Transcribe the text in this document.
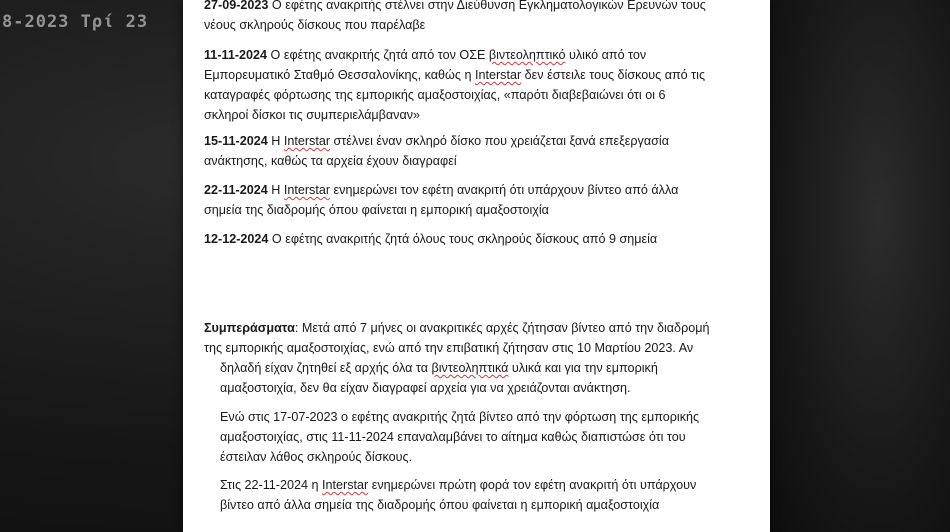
8-2023 Τρί 23
27-09-2023 Ο εφέτης ανακριτής στέλνει στην Διεύθυνση Εγκληματολογικών Ερευνών τους
νέους σκληρούς δίσκους που παρέλαβε
11-11-2024 Ο εφέτης ανακριτής ζητά από τον ΟΣΕ βιντεοληπτικό υλικό από τον
Εμπορευματικό Σταθμό Θεσσαλονίκης, καθώς η Interstar δεν έστειλε τους δίσκους από τις
καταγραφές φόρτωσης της εμπορικής αμαξοστοιχίας, «παρότι διαβεβαιώνει ότι οι 6
σκληροί δίσκοι τις συμπεριελάμβαναν»
15-11-2024 Η Interstar στέλνει έναν σκληρό δίσκο που χρειάζεται ξανά επεξεργασία
ανάκτησης, καθώς τα αρχεία έχουν διαγραφεί
22-11-2024 Η Interstar ενημερώνει τον εφέτη ανακριτή ότι υπάρχουν βίντεο από άλλα
σημεία της διαδρομής όπου φαίνεται η εμπορική αμαξοστοιχία
12-12-2024 Ο εφέτης ανακριτής ζητά όλους τους σκληρούς δίσκους από 9 σημεία
Συμπεράσματα: Μετά από 7 μήνες οι ανακριτικές αρχές ζήτησαν βίντεο από την διαδρομή
της εμπορικής αμαξοστοιχίας, ενώ από την επιβατική ζήτησαν στις 10 Μαρτίου 2023. Αν
δηλαδή είχαν ζητηθεί εξ αρχής όλα τα βιντεοληπτικά υλικά και για την εμπορική
αμαξοστοιχία, δεν θα είχαν διαγραφεί αρχεία για να χρειάζονται ανάκτηση.
Ενώ στις 17-07-2023 ο εφέτης ανακριτής ζητά βίντεο από την φόρτωση της εμπορικής
αμαξοστοιχίας, στις 11-11-2024 επαναλαμβάνει το αίτημα καθώς διαπιστώσε ότι του
έστειλαν λάθος σκληρούς δίσκους.
Στις 22-11-2024 η Interstar ενημερώνει πρώτη φορά τον εφέτη ανακριτή ότι υπάρχουν
βίντεο από άλλα σημεία της διαδρομής όπου φαίνεται η εμπορική αμαξοστοιχία
